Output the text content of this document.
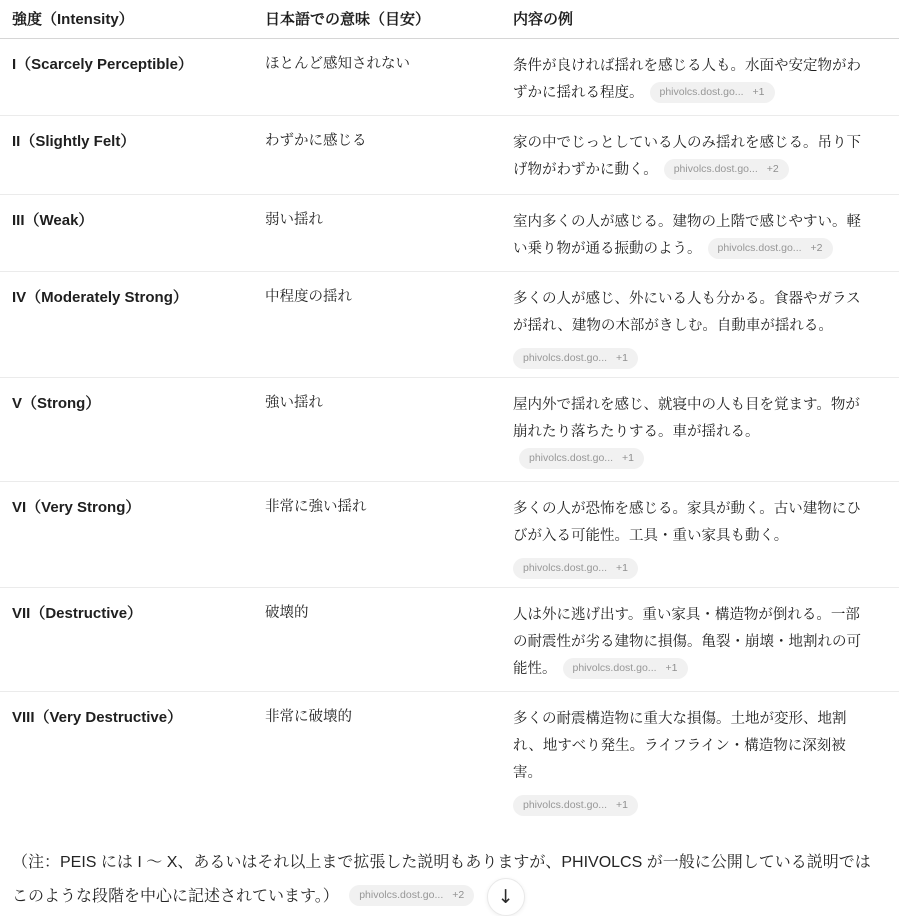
強度（Intensity）	日本語での意味（目安）	内容の例
I（Scarcely Perceptible）	ほとんど感知されない	条件が良ければ揺れを感じる人も。水面や安定物がわずかに揺れる程度。 phivolcs.dost.go... +1
II（Slightly Felt）	わずかに感じる	家の中でじっとしている人のみ揺れを感じる。吊り下げ物がわずかに動く。 phivolcs.dost.go... +2
III（Weak）	弱い揺れ	室内多くの人が感じる。建物の上階で感じやすい。軽い乗り物が通る振動のよう。 phivolcs.dost.go... +2
IV（Moderately Strong）	中程度の揺れ	多くの人が感じ、外にいる人も分かる。食器やガラスが揺れ、建物の木部がきしむ。自動車が揺れる。
phivolcs.dost.go... +1
V（Strong）	強い揺れ	屋内外で揺れを感じ、就寝中の人も目を覚ます。物が崩れたり落ちたりする。車が揺れる。phivolcs.dost.go... +1
VI（Very Strong）	非常に強い揺れ	多くの人が恐怖を感じる。家具が動く。古い建物にひびが入る可能性。工具・重い家具も動く。
phivolcs.dost.go... +1
VII（Destructive）	破壊的	人は外に逃げ出す。重い家具・構造物が倒れる。一部の耐震性が劣る建物に損傷。亀裂・崩壊・地割れの可能性。 phivolcs.dost.go... +1
VIII（Very Destructive）	非常に破壊的	多くの耐震構造物に重大な損傷。土地が変形、地割れ、地すべり発生。ライフライン・構造物に深刻被害。
phivolcs.dost.go... +1
（注：PEIS には I ～ X、あるいはそれ以上まで拡張した説明もありますが、PHIVOLCS が一般に公開している説明ではこのような段階を中心に記述されています。） phivolcs.dost.go... +2 ↓
